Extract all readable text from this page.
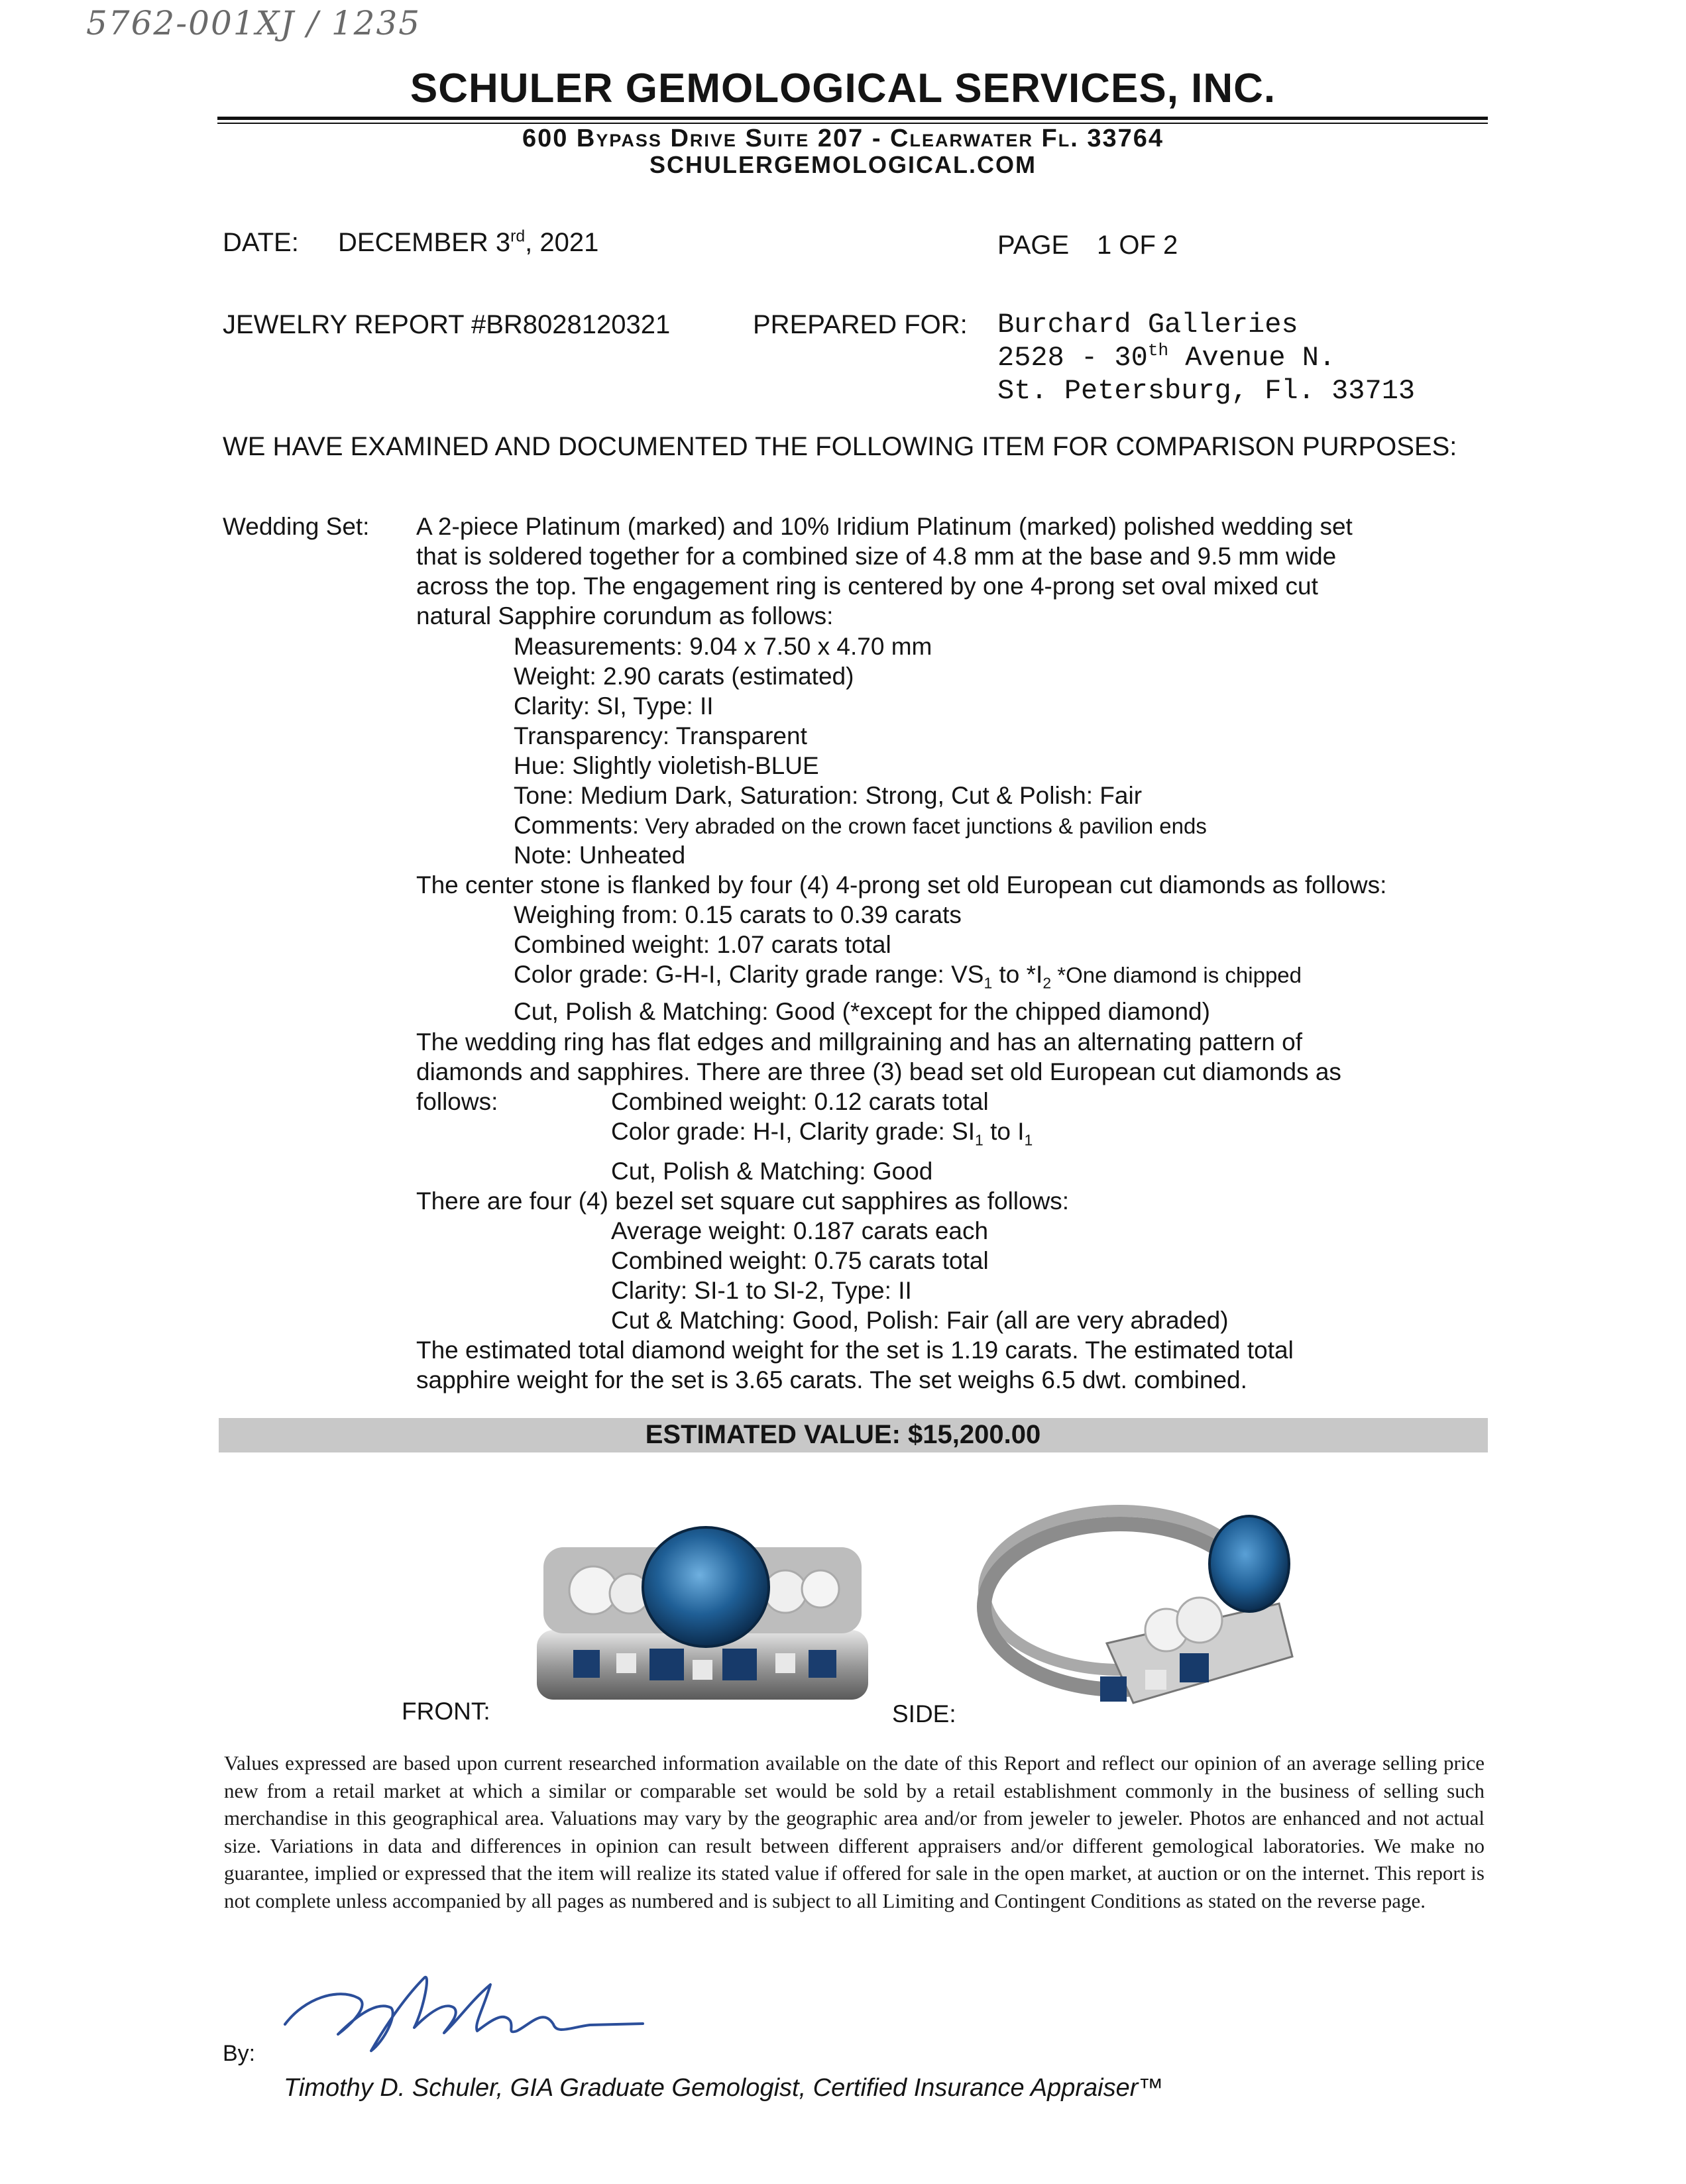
5762-001XJ / 1235
SCHULER GEMOLOGICAL SERVICES, INC.
600 Bypass Drive Suite 207 - Clearwater Fl. 33764
SCHULERGEMOLOGICAL.COM
DATE: DECEMBER 3rd, 2021	PAGE 1 OF 2
JEWELRY REPORT #BR8028120321	PREPARED FOR: Burchard Galleries
2528 - 30th Avenue N.
St. Petersburg, Fl. 33713
WE HAVE EXAMINED AND DOCUMENTED THE FOLLOWING ITEM FOR COMPARISON PURPOSES:
Wedding Set: A 2-piece Platinum (marked) and 10% Iridium Platinum (marked) polished wedding set
that is soldered together for a combined size of 4.8 mm at the base and 9.5 mm wide
across the top. The engagement ring is centered by one 4-prong set oval mixed cut
natural Sapphire corundum as follows:
Measurements: 9.04 x 7.50 x 4.70 mm
Weight: 2.90 carats (estimated)
Clarity: SI, Type: II
Transparency: Transparent
Hue: Slightly violetish-BLUE
Tone: Medium Dark, Saturation: Strong, Cut & Polish: Fair
Comments: Very abraded on the crown facet junctions & pavilion ends
Note: Unheated
The center stone is flanked by four (4) 4-prong set old European cut diamonds as follows:
Weighing from: 0.15 carats to 0.39 carats
Combined weight: 1.07 carats total
Color grade: G-H-I, Clarity grade range: $VS_1$ to $*I_2$ *One diamond is chipped
Cut, Polish & Matching: Good (*except for the chipped diamond)
The wedding ring has flat edges and millgraining and has an alternating pattern of
diamonds and sapphires. There are three (3) bead set old European cut diamonds as
follows:	Combined weight: 0.12 carats total
Color grade: H-I, Clarity grade: $SI_1$ to $I_1$
Cut, Polish & Matching: Good
There are four (4) bezel set square cut sapphires as follows:
Average weight: 0.187 carats each
Combined weight: 0.75 carats total
Clarity: SI-1 to SI-2, Type: II
Cut & Matching: Good, Polish: Fair (all are very abraded)
The estimated total diamond weight for the set is 1.19 carats. The estimated total
sapphire weight for the set is 3.65 carats. The set weighs 6.5 dwt. combined.
ESTIMATED VALUE: $15,200.00
FRONT:	SIDE:
Values expressed are based upon current researched information available on the date of this Report and reflect our opinion of an average selling price new from a retail market at which a similar or comparable set would be sold by a retail establishment commonly in the business of selling such merchandise in this geographical area. Valuations may vary by the geographic area and/or from jeweler to jeweler. Photos are enhanced and not actual size. Variations in data and differences in opinion can result between different appraisers and/or different gemological laboratories. We make no guarantee, implied or expressed that the item will realize its stated value if offered for sale in the open market, at auction or on the internet. This report is not complete unless accompanied by all pages as numbered and is subject to all Limiting and Contingent Conditions as stated on the reverse page.
By:
Timothy D. Schuler, GIA Graduate Gemologist, Certified Insurance Appraiser™
